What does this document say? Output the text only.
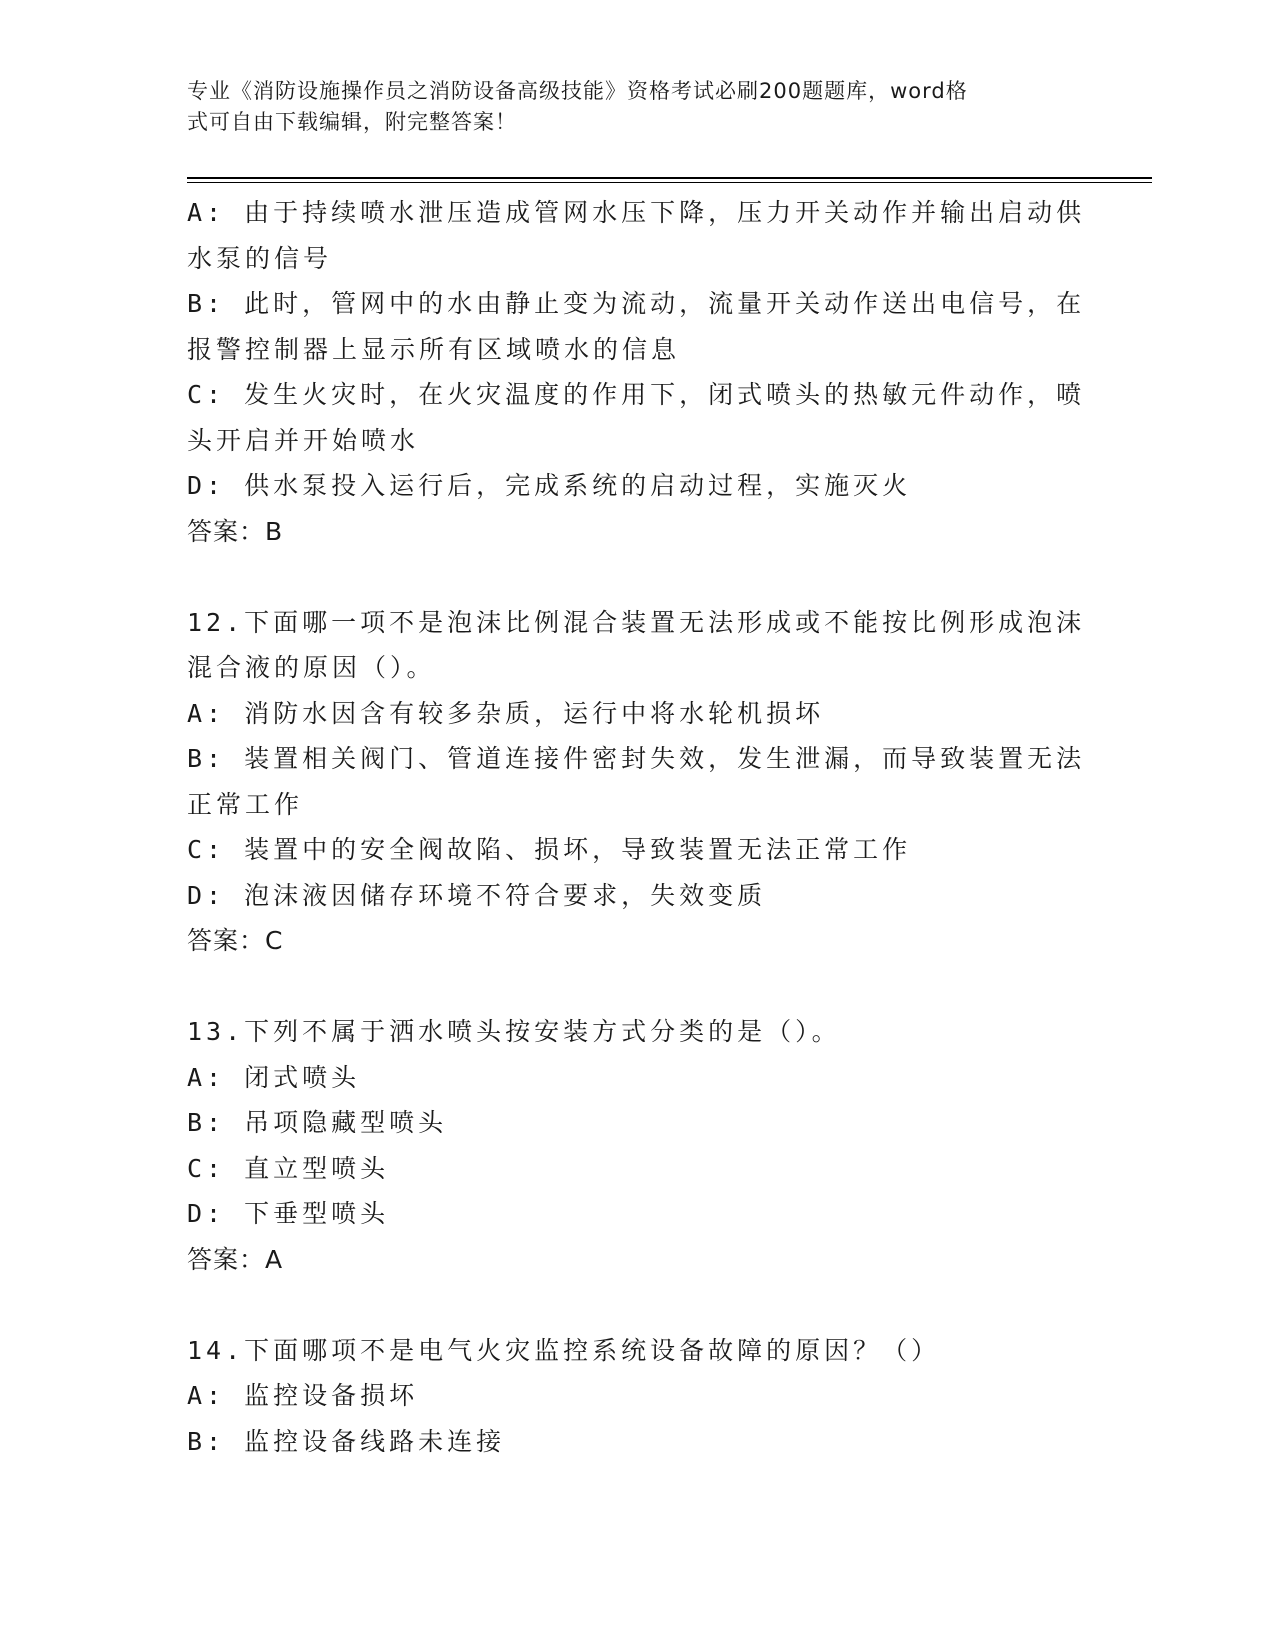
专业《消防设施操作员之消防设备高级技能》资格考试必刷200题题库，word格
式可自由下载编辑，附完整答案！
A: 由于持续喷水泄压造成管网水压下降，压力开关动作并输出启动供
水泵的信号
B: 此时，管网中的水由静止变为流动，流量开关动作送出电信号，在
报警控制器上显示所有区域喷水的信息
C: 发生火灾时，在火灾温度的作用下，闭式喷头的热敏元件动作，喷
头开启并开始喷水
D: 供水泵投入运行后，完成系统的启动过程，实施灭火
答案：B
12.下面哪一项不是泡沫比例混合装置无法形成或不能按比例形成泡沫
混合液的原因（）。
A: 消防水因含有较多杂质，运行中将水轮机损坏
B: 装置相关阀门、管道连接件密封失效，发生泄漏，而导致装置无法
正常工作
C: 装置中的安全阀故陷、损坏，导致装置无法正常工作
D: 泡沫液因储存环境不符合要求，失效变质
答案：C
13.下列不属于洒水喷头按安装方式分类的是（）。
A: 闭式喷头
B: 吊项隐藏型喷头
C: 直立型喷头
D: 下垂型喷头
答案：A
14.下面哪项不是电气火灾监控系统设备故障的原因？（）
A: 监控设备损坏
B: 监控设备线路未连接
